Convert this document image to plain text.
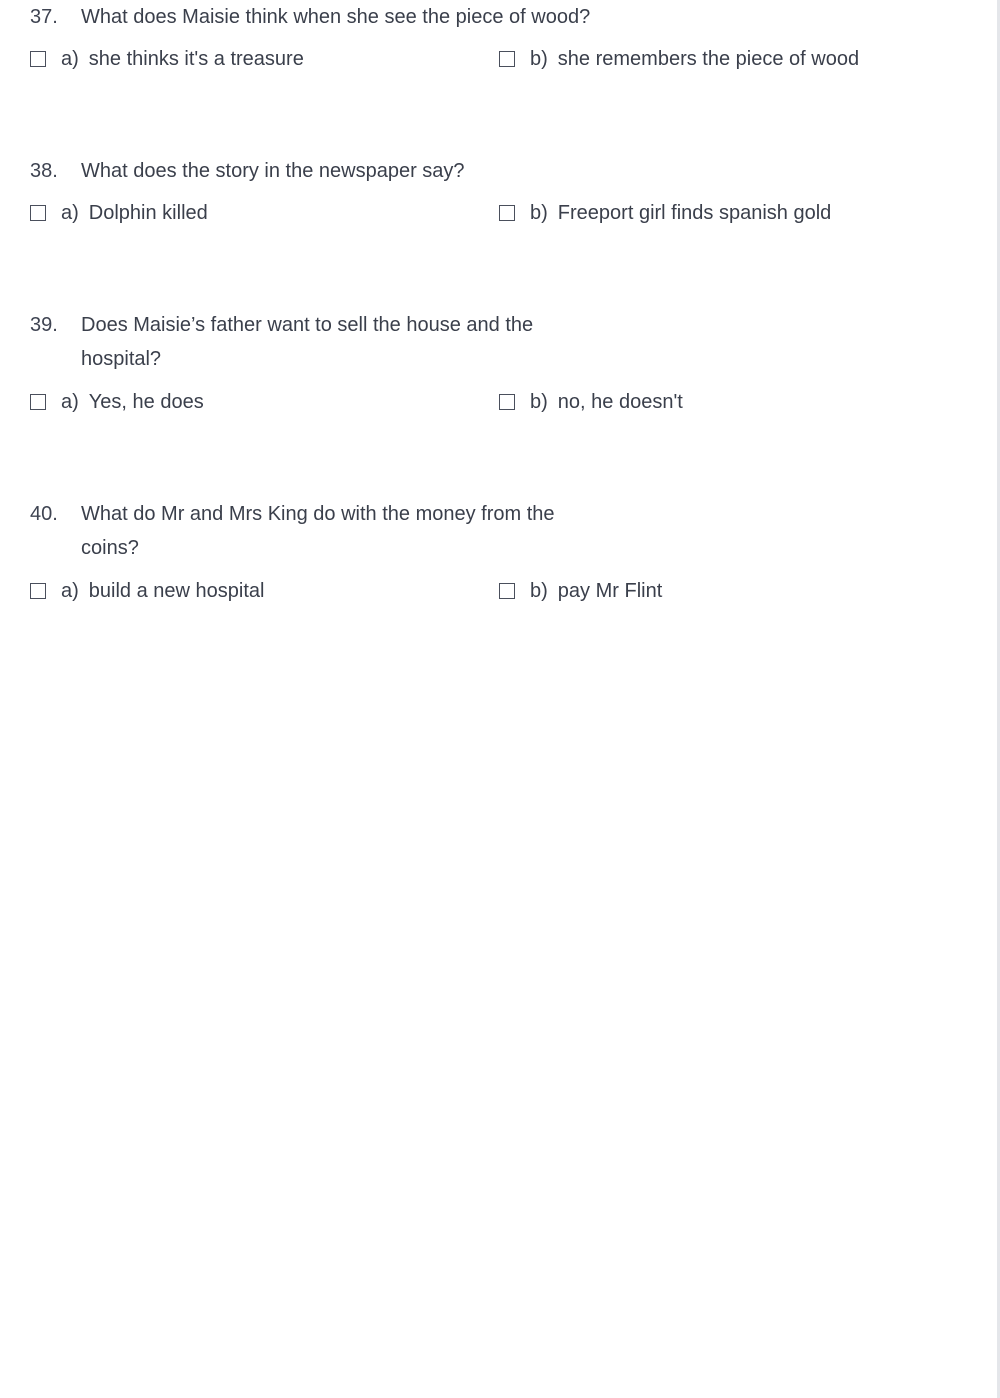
37. What does Maisie think when she see the piece of wood?
a) she thinks it's a treasure	b) she remembers the piece of wood
38. What does the story in the newspaper say?
a) Dolphin killed	b) Freeport girl finds spanish gold
39. Does Maisie’s father want to sell the house and the hospital?
a) Yes, he does	b) no, he doesn't
40. What do Mr and Mrs King do with the money from the coins?
a) build a new hospital	b) pay Mr Flint
